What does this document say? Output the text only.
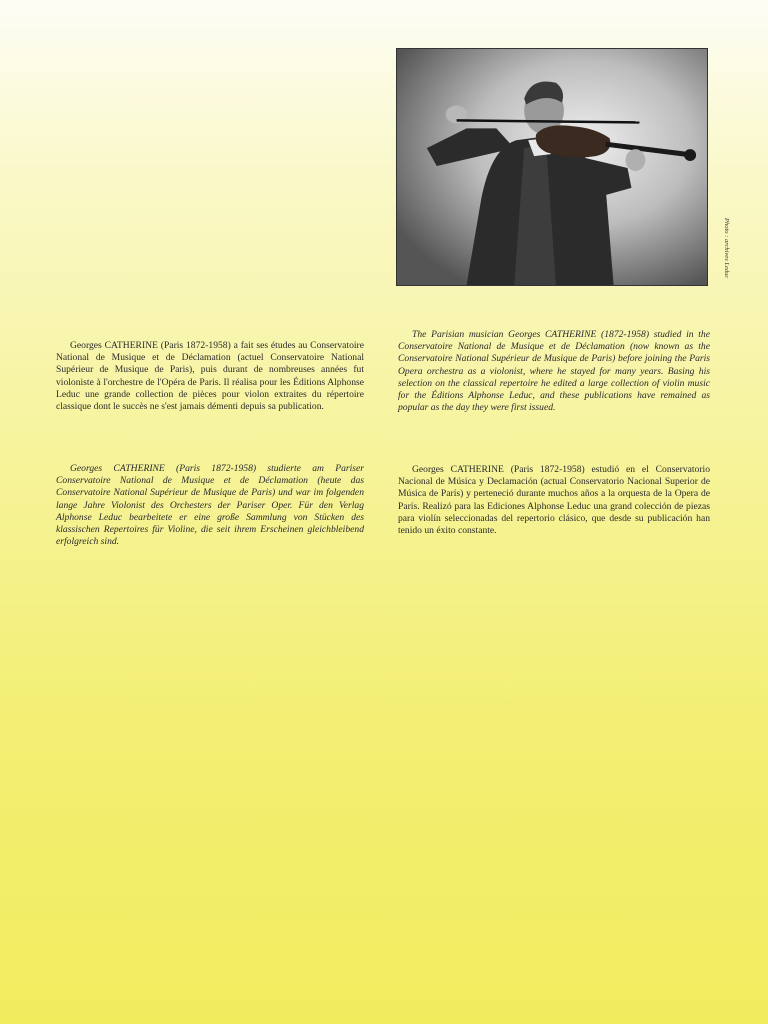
Photo : archives Leduc

Georges CATHERINE (Paris 1872-1958) a fait ses études au Conservatoire National de Musique et de Déclamation (actuel Conservatoire National Supérieur de Musique de Paris), puis durant de nombreuses années fut violoniste à l'orchestre de l'Opéra de Paris. Il réalisa pour les Éditions Alphonse Leduc une grande collection de pièces pour violon extraites du répertoire classique dont le succès ne s'est jamais démenti depuis sa publication.

Georges CATHERINE (Paris 1872-1958) studierte am Pariser Conservatoire National de Musique et de Déclamation (heute das Conservatoire National Supérieur de Musique de Paris) und war im folgenden lange Jahre Violonist des Orchesters der Pariser Oper. Für den Verlag Alphonse Leduc bearbeitete er eine große Sammlung von Stücken des klassischen Repertoires für Violine, die seit ihrem Erscheinen gleichbleibend erfolgreich sind.

The Parisian musician Georges CATHERINE (1872-1958) studied in the Conservatoire National de Musique et de Déclamation (now known as the Conservatoire National Supérieur de Musique de Paris) before joining the Paris Opera orchestra as a violonist, where he stayed for many years. Basing his selection on the classical repertoire he edited a large collection of violin music for the Éditions Alphonse Leduc, and these publications have remained as popular as the day they were first issued.

Georges CATHERINE (Paris 1872-1958) estudió en el Conservatorio Nacional de Música y Declamación (actual Conservatorio Nacional Superior de Música de París) y perteneció durante muchos años a la orquesta de la Opera de París. Realizó para las Ediciones Alphonse Leduc una grand colección de piezas para violín seleccionadas del repertorio clásico, que desde su publicación han tenido un éxito constante.
